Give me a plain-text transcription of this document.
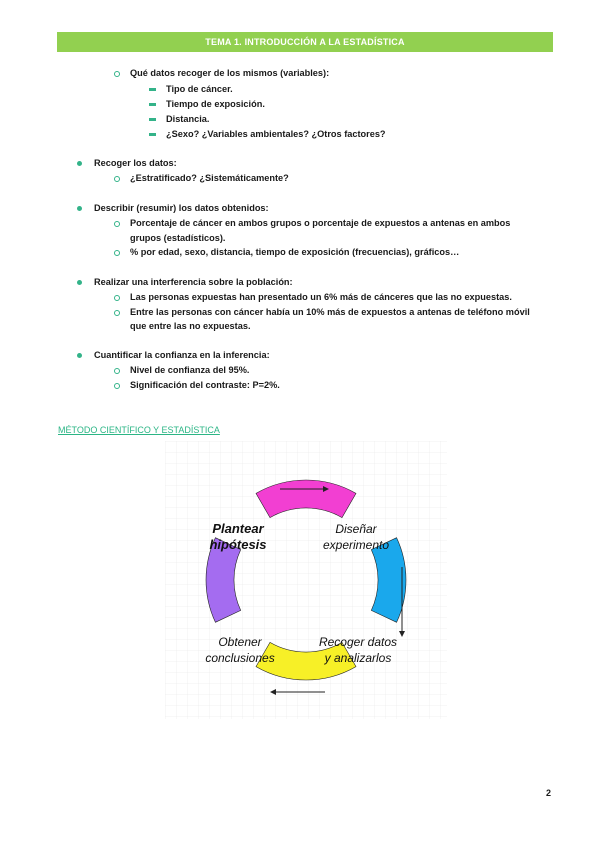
TEMA 1. INTRODUCCIÓN A LA ESTADÍSTICA
Qué datos recoger de los mismos (variables):
Tipo de cáncer.
Tiempo de exposición.
Distancia.
¿Sexo? ¿Variables ambientales? ¿Otros factores?
Recoger los datos:
¿Estratificado? ¿Sistemáticamente?
Describir (resumir) los datos obtenidos:
Porcentaje de cáncer en ambos grupos o porcentaje de expuestos a antenas en ambos
grupos (estadísticos).
% por edad, sexo, distancia, tiempo de exposición (frecuencias), gráficos…
Realizar una interferencia sobre la población:
Las personas expuestas han presentado un 6% más de cánceres que las no expuestas.
Entre las personas con cáncer había un 10% más de expuestos a antenas de teléfono móvil
que entre las no expuestas.
Cuantificar la confianza en la inferencia:
Nivel de confianza del 95%.
Significación del contraste: P=2%.
MÉTODO CIENTÍFICO Y ESTADÍSTICA
Plantear
hipótesis
Diseñar
experimento
Recoger datos
y analizarlos
Obtener
conclusiones
2
